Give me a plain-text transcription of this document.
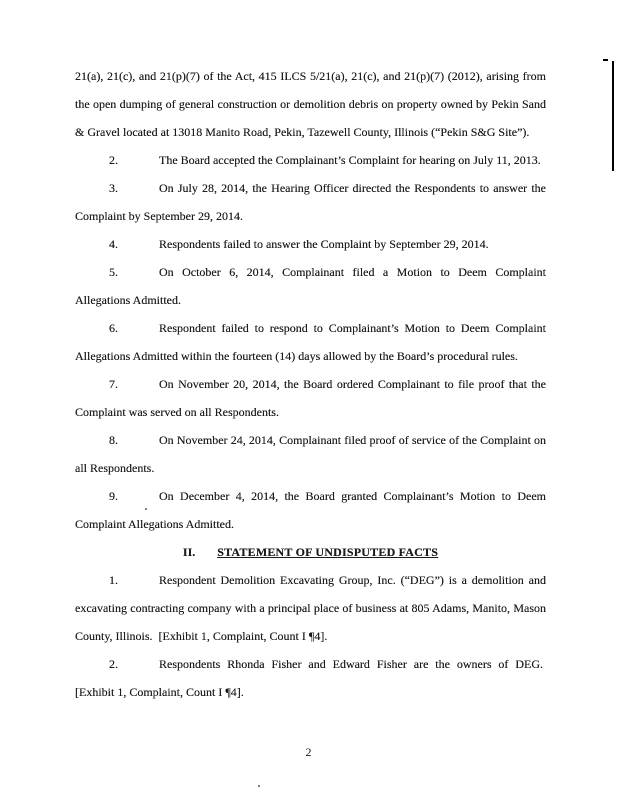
21(a), 21(c), and 21(p)(7) of the Act, 415 ILCS 5/21(a), 21(c), and 21(p)(7) (2012), arising from the open dumping of general construction or demolition debris on property owned by Pekin Sand & Gravel located at 13018 Manito Road, Pekin, Tazewell County, Illinois (“Pekin S&G Site”).

2.	The Board accepted the Complainant’s Complaint for hearing on July 11, 2013.

3.	On July 28, 2014, the Hearing Officer directed the Respondents to answer the Complaint by September 29, 2014.

4.	Respondents failed to answer the Complaint by September 29, 2014.

5.	On October 6, 2014, Complainant filed a Motion to Deem Complaint Allegations Admitted.

6.	Respondent failed to respond to Complainant’s Motion to Deem Complaint Allegations Admitted within the fourteen (14) days allowed by the Board’s procedural rules.

7.	On November 20, 2014, the Board ordered Complainant to file proof that the Complaint was served on all Respondents.

8.	On November 24, 2014, Complainant filed proof of service of the Complaint on all Respondents.

9.	On December 4, 2014, the Board granted Complainant’s Motion to Deem Complaint Allegations Admitted.

II. STATEMENT OF UNDISPUTED FACTS

1.	Respondent Demolition Excavating Group, Inc. (“DEG”) is a demolition and excavating contracting company with a principal place of business at 805 Adams, Manito, Mason County, Illinois.  [Exhibit 1, Complaint, Count I ¶4].

2.	Respondents Rhonda Fisher and Edward Fisher are the owners of DEG.  [Exhibit 1, Complaint, Count I ¶4].

2
